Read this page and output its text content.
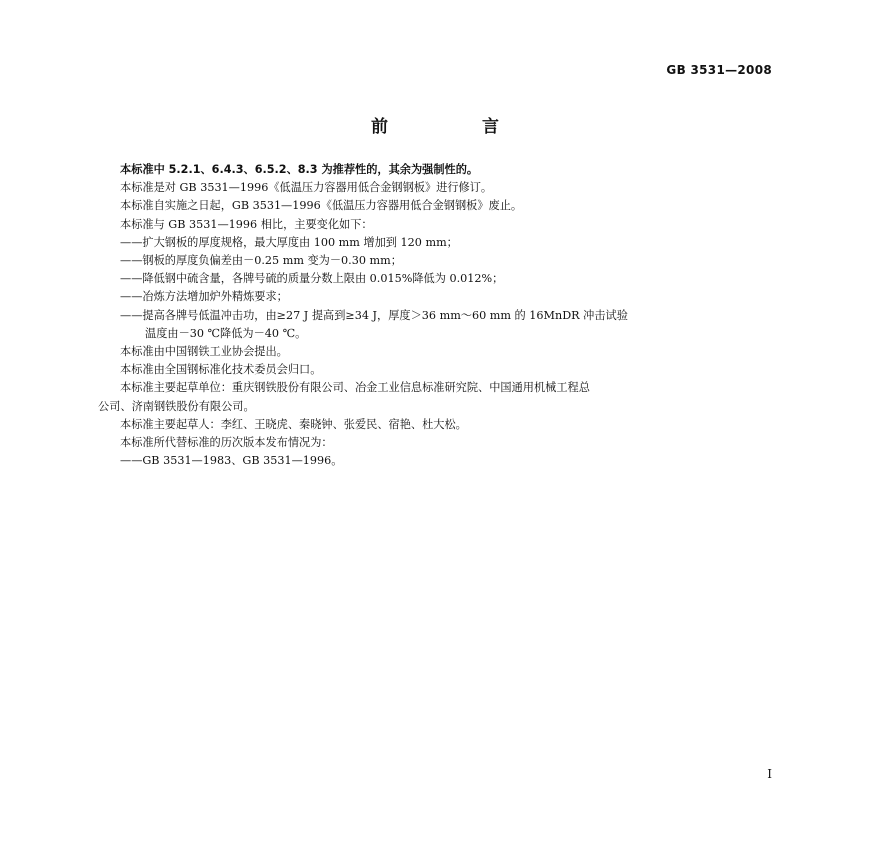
GB 3531—2008
前 言
本标准中 5.2.1、6.4.3、6.5.2、8.3 为推荐性的，其余为强制性的。
本标准是对 GB 3531—1996《低温压力容器用低合金钢钢板》进行修订。
本标准自实施之日起，GB 3531—1996《低温压力容器用低合金钢钢板》废止。
本标准与 GB 3531—1996 相比，主要变化如下：
——扩大钢板的厚度规格，最大厚度由 100 mm 增加到 120 mm；
——钢板的厚度负偏差由－0.25 mm 变为－0.30 mm；
——降低钢中硫含量，各牌号硫的质量分数上限由 0.015%降低为 0.012%；
——冶炼方法增加炉外精炼要求；
——提高各牌号低温冲击功，由≥27 J 提高到≥34 J，厚度＞36 mm～60 mm 的 16MnDR 冲击试验
温度由－30 ℃降低为－40 ℃。
本标准由中国钢铁工业协会提出。
本标准由全国钢标准化技术委员会归口。
本标准主要起草单位：重庆钢铁股份有限公司、冶金工业信息标准研究院、中国通用机械工程总
公司、济南钢铁股份有限公司。
本标准主要起草人：李红、王晓虎、秦晓钟、张爱民、宿艳、杜大松。
本标准所代替标准的历次版本发布情况为：
——GB 3531—1983、GB 3531—1996。
I
